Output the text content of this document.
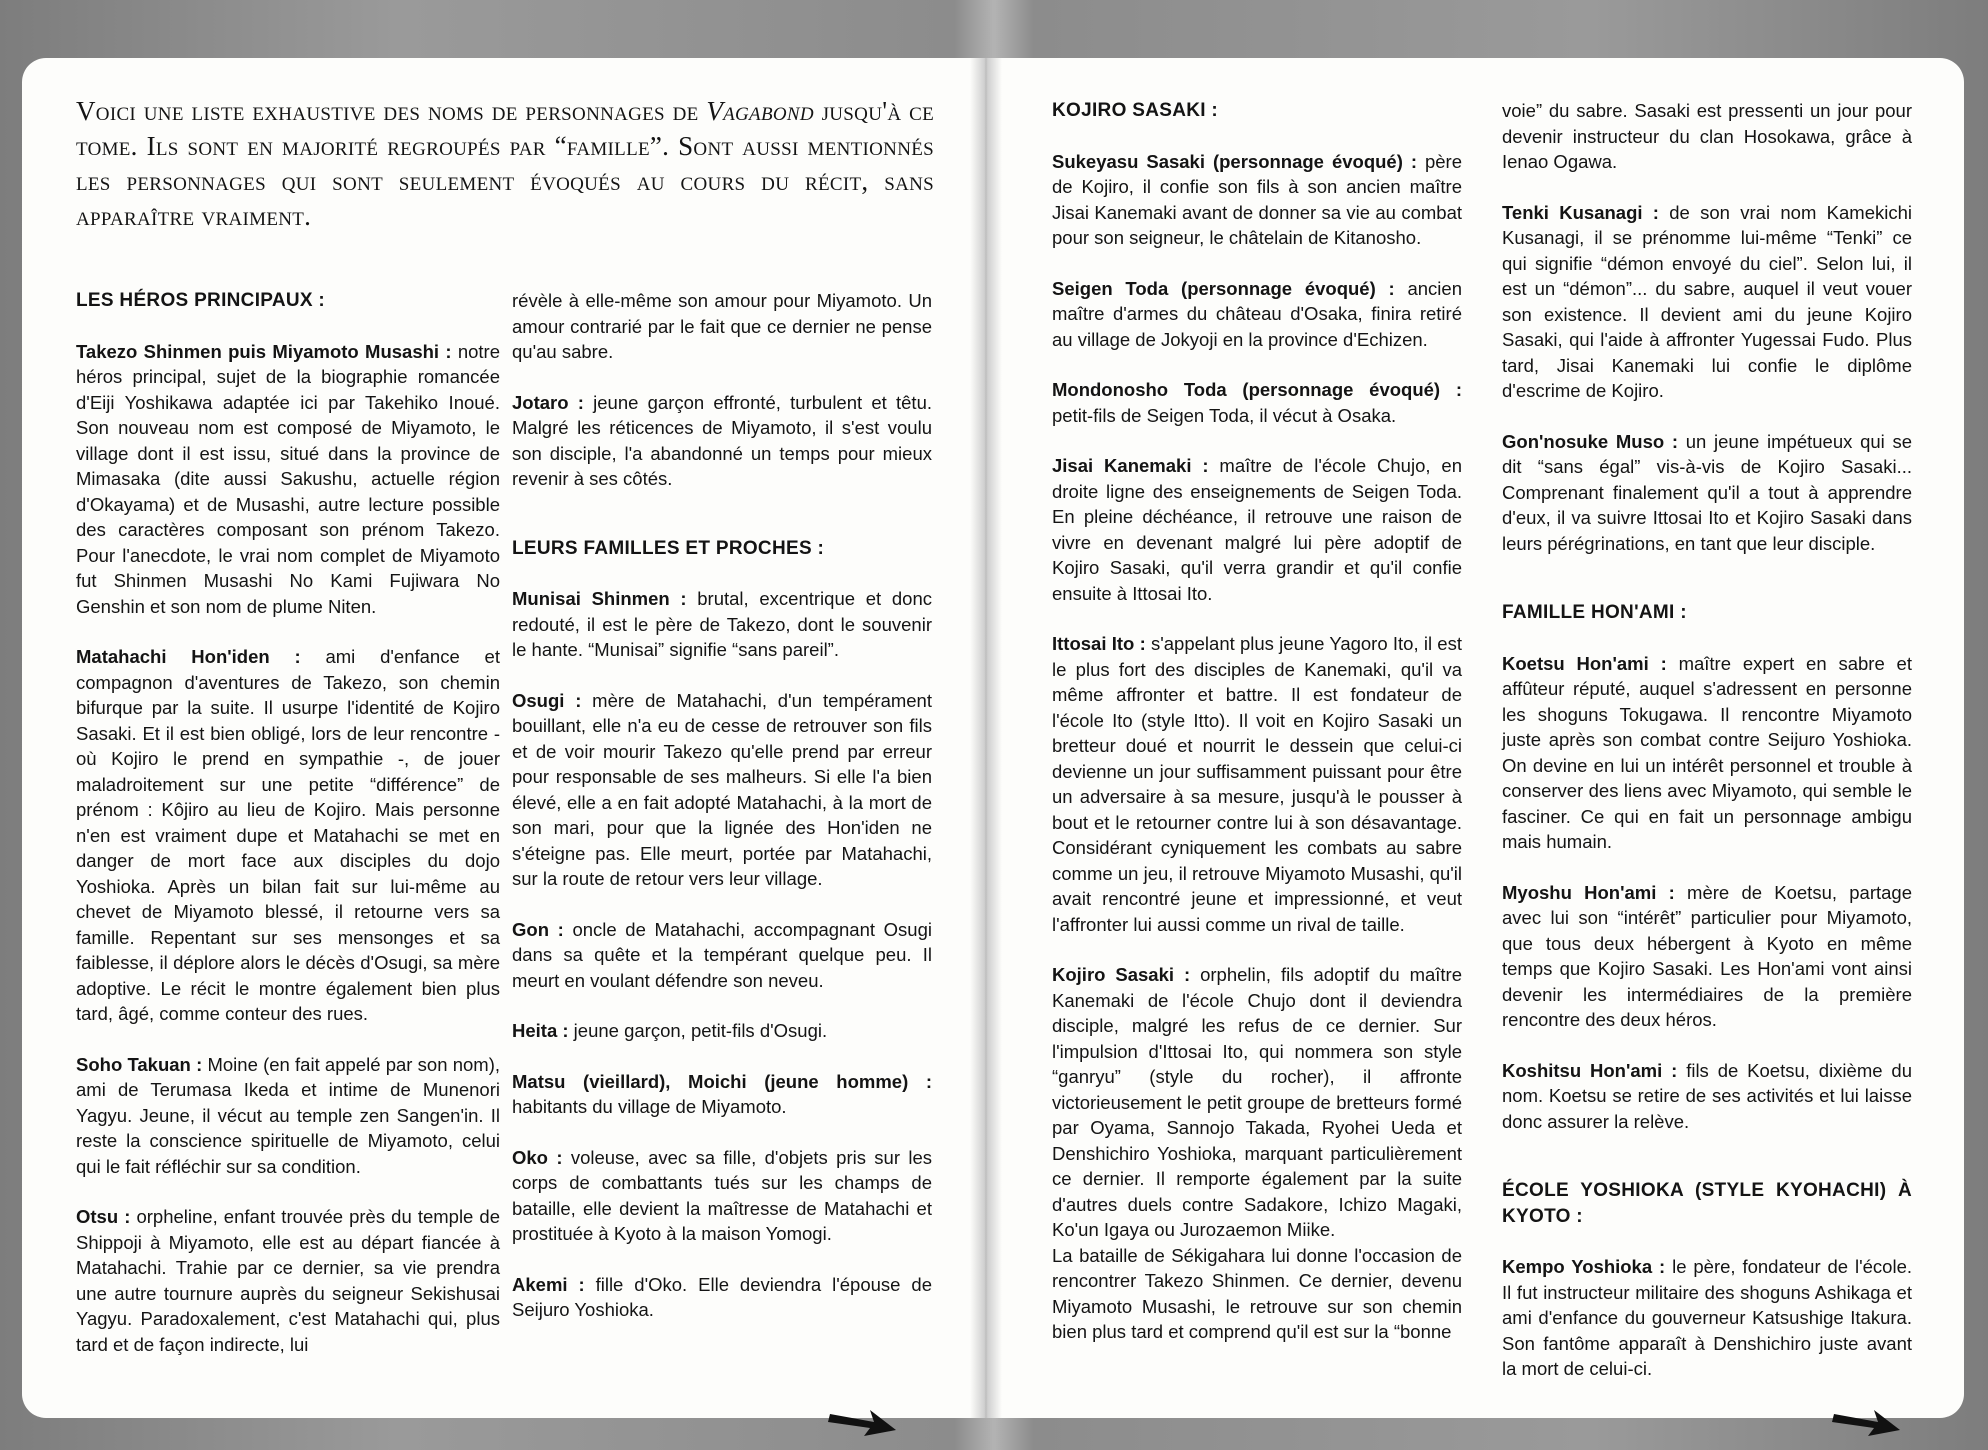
Voici une liste exhaustive des noms de personnages de Vagabond jusqu'à ce tome. Ils sont en majorité regroupés par “famille”. Sont aussi mentionnés les personnages qui sont seulement évoqués au cours du récit, sans apparaître vraiment.
LES HÉROS PRINCIPAUX :

Takezo Shinmen puis Miyamoto Musashi : notre héros principal, sujet de la biographie romancée d'Eiji Yoshikawa adaptée ici par Takehiko Inoué. Son nouveau nom est composé de Miyamoto, le village dont il est issu, situé dans la province de Mimasaka (dite aussi Sakushu, actuelle région d'Okayama) et de Musashi, autre lecture possible des caractères composant son prénom Takezo. Pour l'anecdote, le vrai nom complet de Miyamoto fut Shinmen Musashi No Kami Fujiwara No Genshin et son nom de plume Niten.

Matahachi Hon'iden : ami d'enfance et compagnon d'aventures de Takezo, son chemin bifurque par la suite. Il usurpe l'identité de Kojiro Sasaki. Et il est bien obligé, lors de leur rencontre - où Kojiro le prend en sympathie -, de jouer maladroitement sur une petite “différence” de prénom : Kôjiro au lieu de Kojiro. Mais personne n'en est vraiment dupe et Matahachi se met en danger de mort face aux disciples du dojo Yoshioka. Après un bilan fait sur lui-même au chevet de Miyamoto blessé, il retourne vers sa famille. Repentant sur ses mensonges et sa faiblesse, il déplore alors le décès d'Osugi, sa mère adoptive. Le récit le montre également bien plus tard, âgé, comme conteur des rues.

Soho Takuan : Moine (en fait appelé par son nom), ami de Terumasa Ikeda et intime de Munenori Yagyu. Jeune, il vécut au temple zen Sangen'in. Il reste la conscience spirituelle de Miyamoto, celui qui le fait réfléchir sur sa condition.

Otsu : orpheline, enfant trouvée près du temple de Shippoji à Miyamoto, elle est au départ fiancée à Matahachi. Trahie par ce dernier, sa vie prendra une autre tournure auprès du seigneur Sekishusai Yagyu. Paradoxalement, c'est Matahachi qui, plus tard et de façon indirecte, lui

révèle à elle-même son amour pour Miyamoto. Un amour contrarié par le fait que ce dernier ne pense qu'au sabre.

Jotaro : jeune garçon effronté, turbulent et têtu. Malgré les réticences de Miyamoto, il s'est voulu son disciple, l'a abandonné un temps pour mieux revenir à ses côtés.

LEURS FAMILLES ET PROCHES :

Munisai Shinmen : brutal, excentrique et donc redouté, il est le père de Takezo, dont le souvenir le hante. “Munisai” signifie “sans pareil”.

Osugi : mère de Matahachi, d'un tempérament bouillant, elle n'a eu de cesse de retrouver son fils et de voir mourir Takezo qu'elle prend par erreur pour responsable de ses malheurs. Si elle l'a bien élevé, elle a en fait adopté Matahachi, à la mort de son mari, pour que la lignée des Hon'iden ne s'éteigne pas. Elle meurt, portée par Matahachi, sur la route de retour vers leur village.

Gon : oncle de Matahachi, accompagnant Osugi dans sa quête et la tempérant quelque peu. Il meurt en voulant défendre son neveu.

Heita : jeune garçon, petit-fils d'Osugi.

Matsu (vieillard), Moichi (jeune homme) : habitants du village de Miyamoto.

Oko : voleuse, avec sa fille, d'objets pris sur les corps de combattants tués sur les champs de bataille, elle devient la maîtresse de Matahachi et prostituée à Kyoto à la maison Yomogi.

Akemi : fille d'Oko. Elle deviendra l'épouse de Seijuro Yoshioka.

KOJIRO SASAKI :

Sukeyasu Sasaki (personnage évoqué) : père de Kojiro, il confie son fils à son ancien maître Jisai Kanemaki avant de donner sa vie au combat pour son seigneur, le châtelain de Kitanosho.

Seigen Toda (personnage évoqué) : ancien maître d'armes du château d'Osaka, finira retiré au village de Jokyoji en la province d'Echizen.

Mondonosho Toda (personnage évoqué) : petit-fils de Seigen Toda, il vécut à Osaka.

Jisai Kanemaki : maître de l'école Chujo, en droite ligne des enseignements de Seigen Toda. En pleine déchéance, il retrouve une raison de vivre en devenant malgré lui père adoptif de Kojiro Sasaki, qu'il verra grandir et qu'il confie ensuite à Ittosai Ito.

Ittosai Ito : s'appelant plus jeune Yagoro Ito, il est le plus fort des disciples de Kanemaki, qu'il va même affronter et battre. Il est fondateur de l'école Ito (style Itto). Il voit en Kojiro Sasaki un bretteur doué et nourrit le dessein que celui-ci devienne un jour suffisamment puissant pour être un adversaire à sa mesure, jusqu'à le pousser à bout et le retourner contre lui à son désavantage. Considérant cyniquement les combats au sabre comme un jeu, il retrouve Miyamoto Musashi, qu'il avait rencontré jeune et impressionné, et veut l'affronter lui aussi comme un rival de taille.

Kojiro Sasaki : orphelin, fils adoptif du maître Kanemaki de l'école Chujo dont il deviendra disciple, malgré les refus de ce dernier. Sur l'impulsion d'Ittosai Ito, qui nommera son style “ganryu” (style du rocher), il affronte victorieusement le petit groupe de bretteurs formé par Oyama, Sannojo Takada, Ryohei Ueda et Denshichiro Yoshioka, marquant particulièrement ce dernier. Il remporte également par la suite d'autres duels contre Sadakore, Ichizo Magaki, Ko'un Igaya ou Jurozaemon Miike.

La bataille de Sékigahara lui donne l'occasion de rencontrer Takezo Shinmen. Ce dernier, devenu Miyamoto Musashi, le retrouve sur son chemin bien plus tard et comprend qu'il est sur la “bonne

voie” du sabre. Sasaki est pressenti un jour pour devenir instructeur du clan Hosokawa, grâce à Ienao Ogawa.

Tenki Kusanagi : de son vrai nom Kamekichi Kusanagi, il se prénomme lui-même “Tenki” ce qui signifie “démon envoyé du ciel”. Selon lui, il est un “démon”... du sabre, auquel il veut vouer son existence. Il devient ami du jeune Kojiro Sasaki, qui l'aide à affronter Yugessai Fudo. Plus tard, Jisai Kanemaki lui confie le diplôme d'escrime de Kojiro.

Gon'nosuke Muso : un jeune impétueux qui se dit “sans égal” vis-à-vis de Kojiro Sasaki... Comprenant finalement qu'il a tout à apprendre d'eux, il va suivre Ittosai Ito et Kojiro Sasaki dans leurs pérégrinations, en tant que leur disciple.

FAMILLE HON'AMI :

Koetsu Hon'ami : maître expert en sabre et affûteur réputé, auquel s'adressent en personne les shoguns Tokugawa. Il rencontre Miyamoto juste après son combat contre Seijuro Yoshioka. On devine en lui un intérêt personnel et trouble à conserver des liens avec Miyamoto, qui semble le fasciner. Ce qui en fait un personnage ambigu mais humain.

Myoshu Hon'ami : mère de Koetsu, partage avec lui son “intérêt” particulier pour Miyamoto, que tous deux hébergent à Kyoto en même temps que Kojiro Sasaki. Les Hon'ami vont ainsi devenir les intermédiaires de la première rencontre des deux héros.

Koshitsu Hon'ami : fils de Koetsu, dixième du nom. Koetsu se retire de ses activités et lui laisse donc assurer la relève.

ÉCOLE YOSHIOKA (STYLE KYOHACHI) À KYOTO :

Kempo Yoshioka : le père, fondateur de l'école. Il fut instructeur militaire des shoguns Ashikaga et ami d'enfance du gouverneur Katsushige Itakura. Son fantôme apparaît à Denshichiro juste avant la mort de celui-ci.
